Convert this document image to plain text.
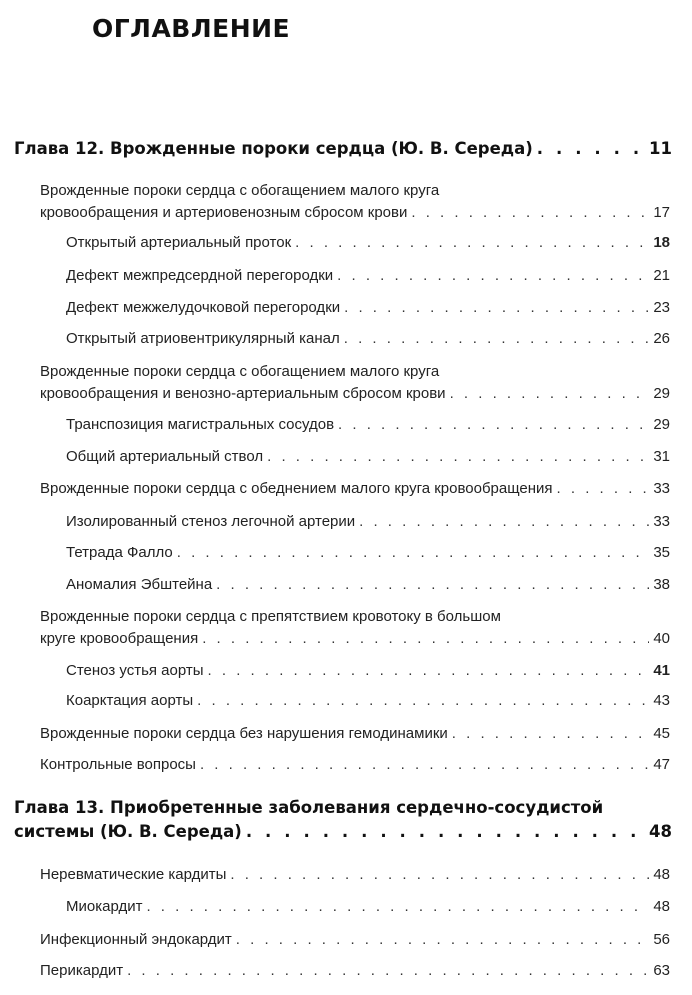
ОГЛАВЛЕНИЕ
Глава 12. Врожденные пороки сердца (Ю. В. Середа) . . .	11
Врожденные пороки сердца с обогащением малого круга
кровообращения и артериовенозным сбросом крови . . .	17
Открытый артериальный проток . . .	18
Дефект межпредсердной перегородки . . .	21
Дефект межжелудочковой перегородки . . .	23
Открытый атриовентрикулярный канал . . .	26
Врожденные пороки сердца с обогащением малого круга
кровообращения и венозно-артериальным сбросом крови . . .	29
Транспозиция магистральных сосудов . . .	29
Общий артериальный ствол . . .	31
Врожденные пороки сердца с обеднением малого круга кровообращения . . .	33
Изолированный стеноз легочной артерии . . .	33
Тетрада Фалло . . .	35
Аномалия Эбштейна . . .	38
Врожденные пороки сердца с препятствием кровотоку в большом
круге кровообращения . . .	40
Стеноз устья аорты . . .	41
Коарктация аорты . . .	43
Врожденные пороки сердца без нарушения гемодинамики . . .	45
Контрольные вопросы . . .	47
Глава 13. Приобретенные заболевания сердечно-сосудистой
системы (Ю. В. Середа) . . .	48
Неревматические кардиты . . .	48
Миокардит . . .	48
Инфекционный эндокардит . . .	56
Перикардит . . .	63
